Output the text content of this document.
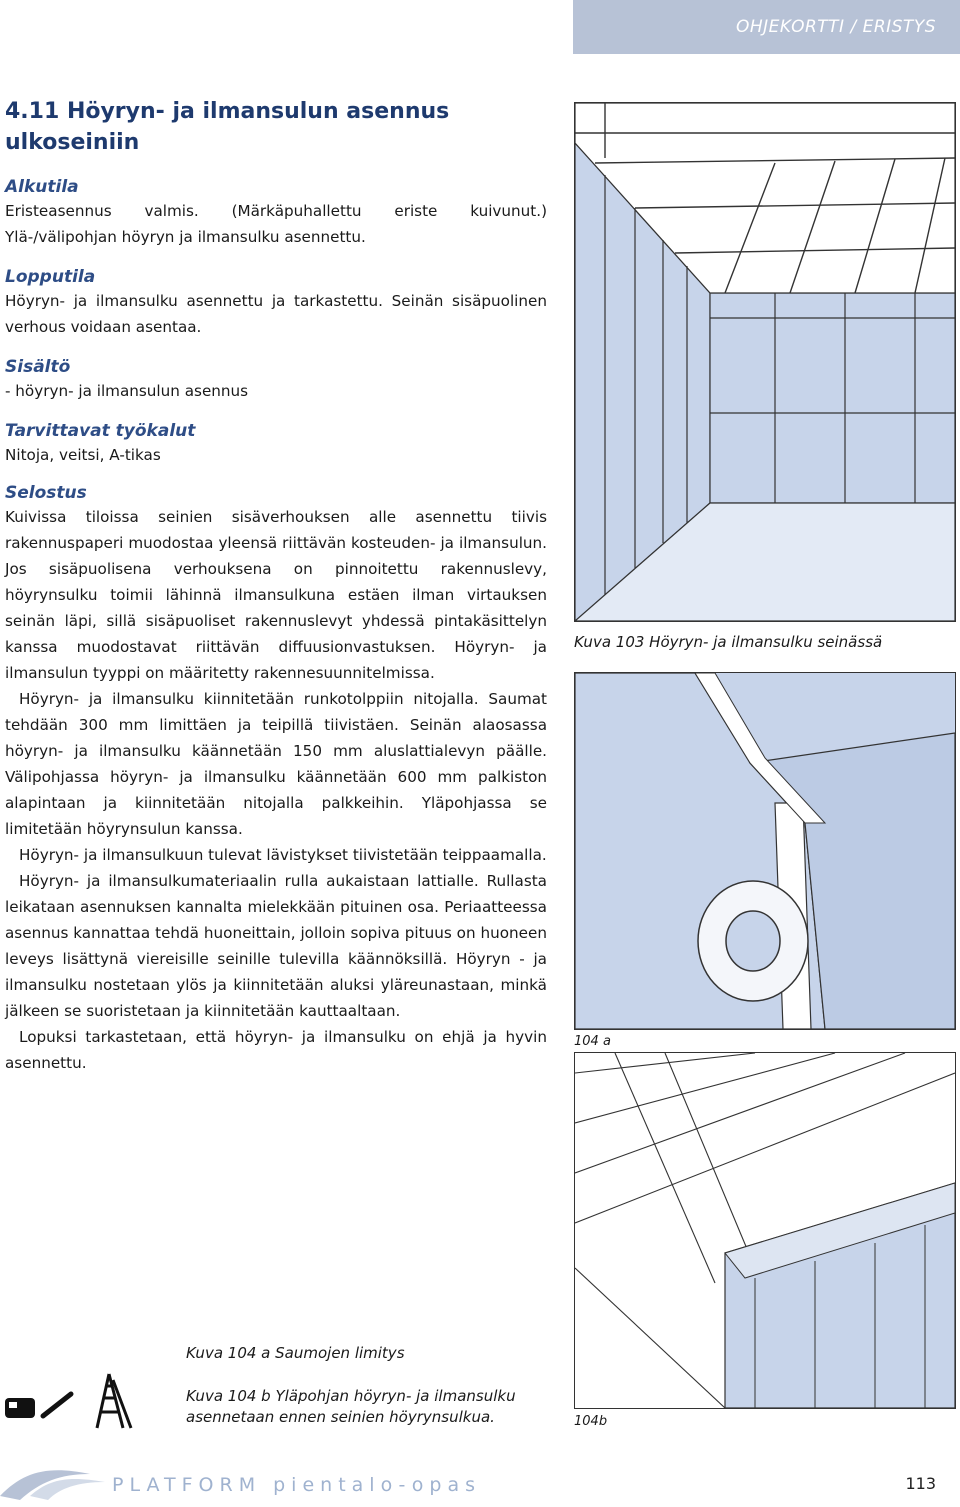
OHJEKORTTI / ERISTYS
4.11 Höyryn- ja ilmansulun asennus
ulkoseiniin
Alkutila

Eristeasennus valmis. (Märkäpuhallettu eriste kuivunut.) Ylä-/välipohjan höyryn ja ilmansulku asennettu.

Lopputila

Höyryn- ja ilmansulku asennettu ja tarkastettu. Seinän sisäpuolinen verhous voidaan asentaa.

Sisältö

- höyryn- ja ilmansulun asennus

Tarvittavat työkalut

Nitoja, veitsi, A-tikas

Selostus

Kuivissa tiloissa seinien sisäverhouksen alle asennettu tiivis rakennuspaperi muodostaa yleensä riittävän kosteuden- ja ilmansulun. Jos sisäpuolisena verhouksena on pinnoitettu rakennuslevy, höyrynsulku toimii lähinnä ilmansulkuna estäen ilman virtauksen seinän läpi, sillä sisäpuoliset rakennuslevyt yhdessä pintakäsittelyn kanssa muodostavat riittävän diffuusionvastuksen. Höyryn- ja ilmansulun tyyppi on määritetty rakennesuunnitelmissa.

Höyryn- ja ilmansulku kiinnitetään runkotolppiin nitojalla. Saumat tehdään 300 mm limittäen ja teipillä tiivistäen. Seinän alaosassa höyryn- ja ilmansulku käännetään 150 mm aluslattialevyn päälle. Välipohjassa höyryn- ja ilmansulku käännetään 600 mm palkiston alapintaan ja kiinnitetään nitojalla palkkeihin. Yläpohjassa se limitetään höyrynsulun kanssa.

Höyryn- ja ilmansulkuun tulevat lävistykset tiivistetään teippaamalla.

Höyryn- ja ilmansulkumateriaalin rulla aukaistaan lattialle. Rullasta leikataan asennuksen kannalta mielekkään pituinen osa. Periaatteessa asennus kannattaa tehdä huoneittain, jolloin sopiva pituus on huoneen leveys lisättynä viereisille seinille tulevilla käännöksillä. Höyryn - ja ilmansulku nostetaan ylös ja kiinnitetään aluksi yläreunastaan, minkä jälkeen se suoristetaan ja kiinnitetään kauttaaltaan.

Lopuksi tarkastetaan, että höyryn- ja ilmansulku on ehjä ja hyvin asennettu.

Kuva 103 Höyryn- ja ilmansulku seinässä
104 a
104b
Kuva 104 a Saumojen limitys
Kuva 104 b Yläpohjan höyryn- ja ilmansulku asennetaan ennen seinien höyrynsulkua.
PLATFORM pientalo-opas	113
